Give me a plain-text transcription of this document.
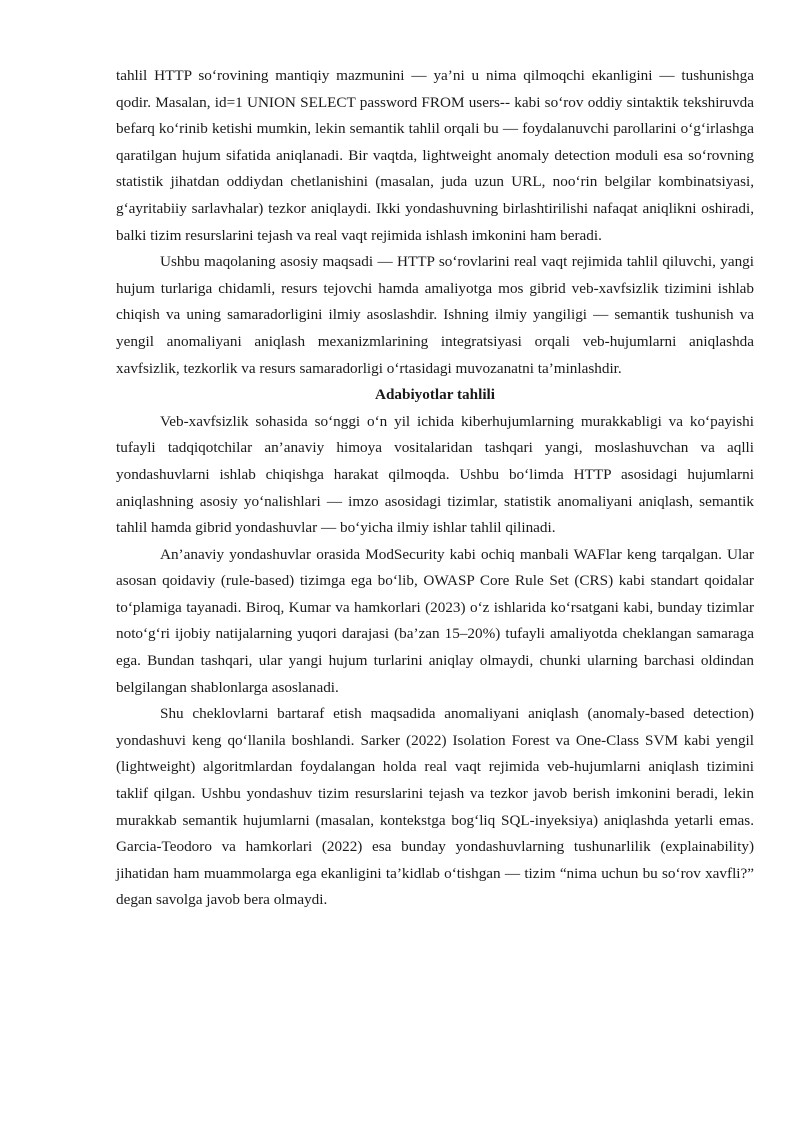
tahlil HTTP so‘rovining mantiqiy mazmunini — ya’ni u nima qilmoqchi ekanligini — tushunishga qodir. Masalan, id=1 UNION SELECT password FROM users-- kabi so‘rov oddiy sintaktik tekshiruvda befarq ko‘rinib ketishi mumkin, lekin semantik tahlil orqali bu — foydalanuvchi parollarini o‘g‘irlashga qaratilgan hujum sifatida aniqlanadi. Bir vaqtda, lightweight anomaly detection moduli esa so‘rovning statistik jihatdan oddiydan chetlanishini (masalan, juda uzun URL, noo‘rin belgilar kombinatsiyasi, g‘ayritabiiy sarlavhalar) tezkor aniqlaydi. Ikki yondashuvning birlashtirilishi nafaqat aniqlikni oshiradi, balki tizim resurslarini tejash va real vaqt rejimida ishlash imkonini ham beradi.

Ushbu maqolaning asosiy maqsadi — HTTP so‘rovlarini real vaqt rejimida tahlil qiluvchi, yangi hujum turlariga chidamli, resurs tejovchi hamda amaliyotga mos gibrid veb-xavfsizlik tizimini ishlab chiqish va uning samaradorligini ilmiy asoslashdir. Ishning ilmiy yangiligi — semantik tushunish va yengil anomaliyani aniqlash mexanizmlarining integratsiyasi orqali veb-hujumlarni aniqlashda xavfsizlik, tezkorlik va resurs samaradorligi o‘rtasidagi muvozanatni ta’minlashdir.

Adabiyotlar tahlili

Veb-xavfsizlik sohasida so‘nggi o‘n yil ichida kiberhujumlarning murakkabligi va ko‘payishi tufayli tadqiqotchilar an’anaviy himoya vositalaridan tashqari yangi, moslashuvchan va aqlli yondashuvlarni ishlab chiqishga harakat qilmoqda. Ushbu bo‘limda HTTP asosidagi hujumlarni aniqlashning asosiy yo‘nalishlari — imzo asosidagi tizimlar, statistik anomaliyani aniqlash, semantik tahlil hamda gibrid yondashuvlar — bo‘yicha ilmiy ishlar tahlil qilinadi.

An’anaviy yondashuvlar orasida ModSecurity kabi ochiq manbali WAFlar keng tarqalgan. Ular asosan qoidaviy (rule-based) tizimga ega bo‘lib, OWASP Core Rule Set (CRS) kabi standart qoidalar to‘plamiga tayanadi. Biroq, Kumar va hamkorlari (2023) o‘z ishlarida ko‘rsatgani kabi, bunday tizimlar noto‘g‘ri ijobiy natijalarning yuqori darajasi (ba’zan 15–20%) tufayli amaliyotda cheklangan samaraga ega. Bundan tashqari, ular yangi hujum turlarini aniqlay olmaydi, chunki ularning barchasi oldindan belgilangan shablonlarga asoslanadi.

Shu cheklovlarni bartaraf etish maqsadida anomaliyani aniqlash (anomaly-based detection) yondashuvi keng qo‘llanila boshlandi. Sarker (2022) Isolation Forest va One-Class SVM kabi yengil (lightweight) algoritmlardan foydalangan holda real vaqt rejimida veb-hujumlarni aniqlash tizimini taklif qilgan. Ushbu yondashuv tizim resurslarini tejash va tezkor javob berish imkonini beradi, lekin murakkab semantik hujumlarni (masalan, kontekstga bog‘liq SQL-inyeksiya) aniqlashda yetarli emas. Garcia-Teodoro va hamkorlari (2022) esa bunday yondashuvlarning tushunarlilik (explainability) jihatidan ham muammolarga ega ekanligini ta’kidlab o‘tishgan — tizim “nima uchun bu so‘rov xavfli?” degan savolga javob bera olmaydi.
